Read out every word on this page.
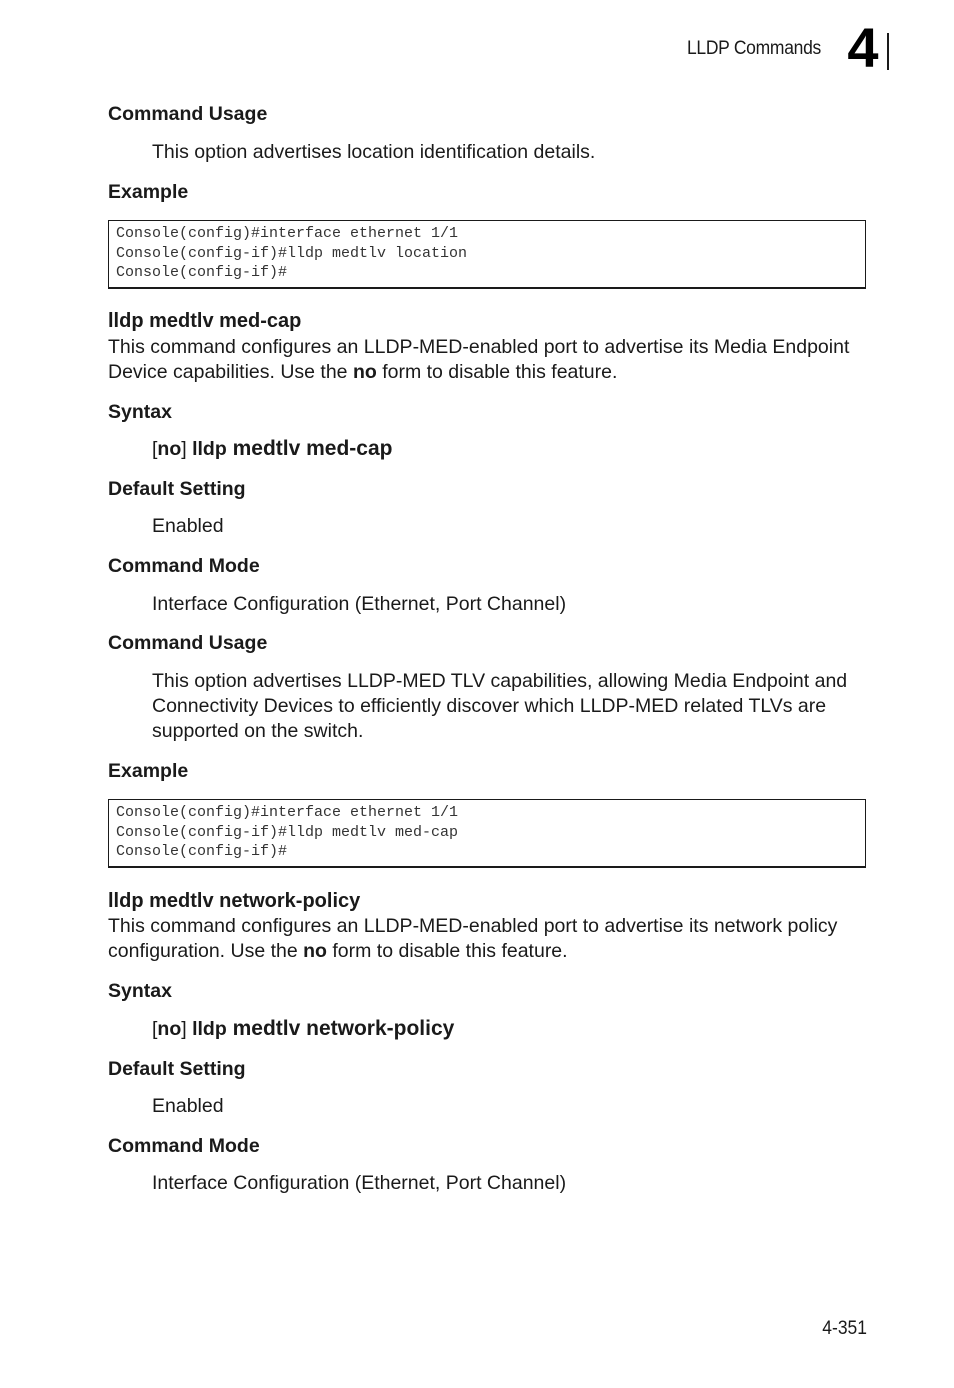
LLDP Commands 4
Command Usage
This option advertises location identification details.
Example
Console(config)#interface ethernet 1/1
Console(config-if)#lldp medtlv location
Console(config-if)#
lldp medtlv med-cap
This command configures an LLDP-MED-enabled port to advertise its Media Endpoint Device capabilities. Use the no form to disable this feature.
Syntax
[no] lldp medtlv med-cap
Default Setting
Enabled
Command Mode
Interface Configuration (Ethernet, Port Channel)
Command Usage
This option advertises LLDP-MED TLV capabilities, allowing Media Endpoint and Connectivity Devices to efficiently discover which LLDP-MED related TLVs are supported on the switch.
Example
Console(config)#interface ethernet 1/1
Console(config-if)#lldp medtlv med-cap
Console(config-if)#
lldp medtlv network-policy
This command configures an LLDP-MED-enabled port to advertise its network policy configuration. Use the no form to disable this feature.
Syntax
[no] lldp medtlv network-policy
Default Setting
Enabled
Command Mode
Interface Configuration (Ethernet, Port Channel)
4-351
